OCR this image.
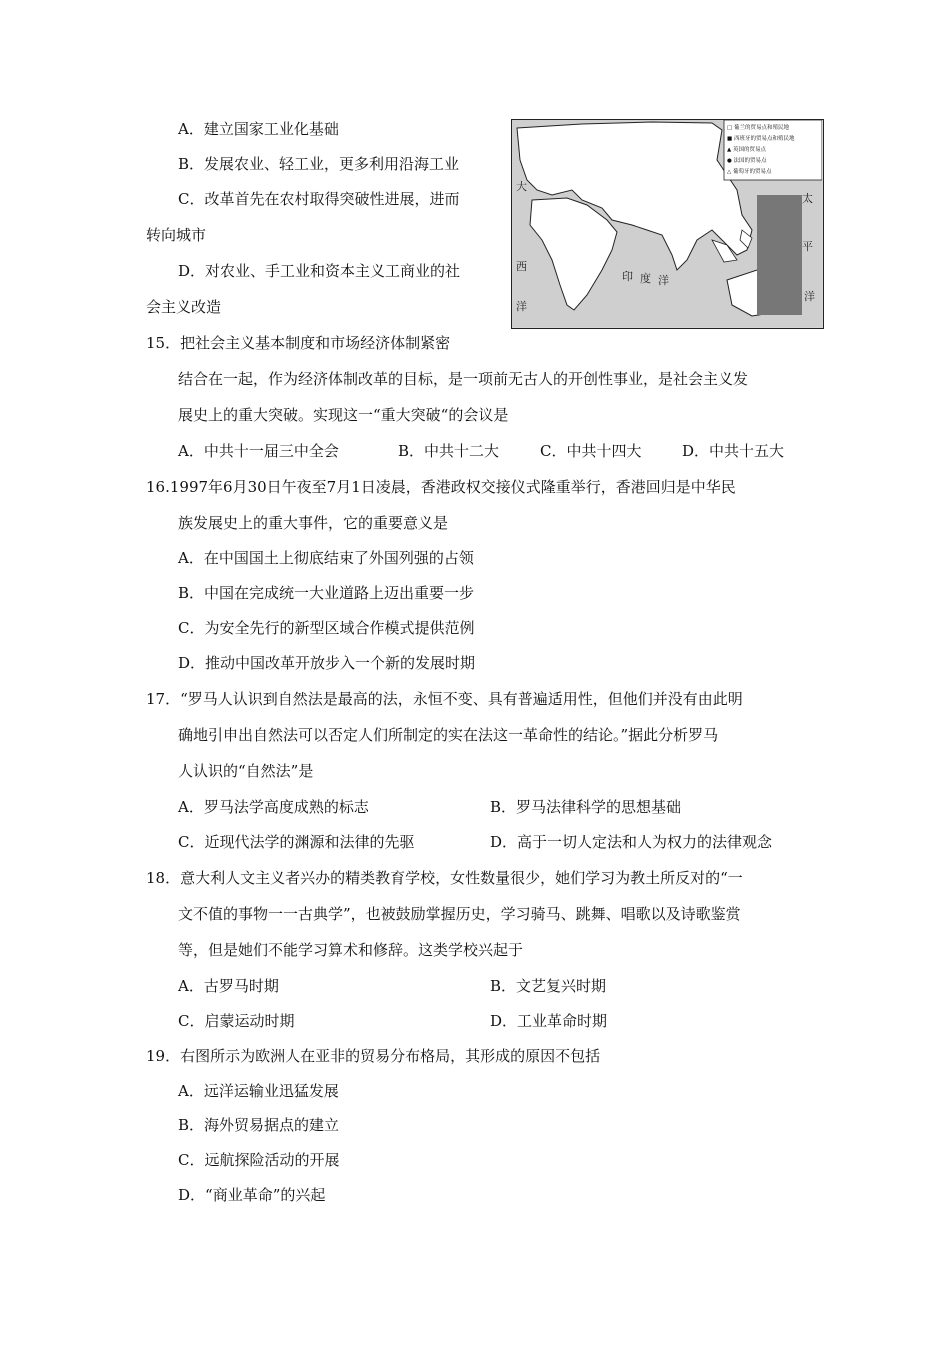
A．建立国家工业化基础
B．发展农业、轻工业，更多利用沿海工业
C．改革首先在农村取得突破性进展，进而
转向城市
D．对农业、手工业和资本主义工商业的社
会主义改造
□ 葡兰的贸易点和殖民地
■ 西班牙的贸易点和殖民地
▲ 英国的贸易点
● 法国的贸易点
△ 葡萄牙的贸易点
大
西
洋
印 度 洋
太
平
洋
15．把社会主义基本制度和市场经济体制紧密
结合在一起，作为经济体制改革的目标，是一项前无古人的开创性事业，是社会主义发
展史上的重大突破。实现这一“重大突破“的会议是
A．中共十一届三中全会	B．中共十二大	C．中共十四大	D．中共十五大
16.1997年6月30日午夜至7月1日凌晨，香港政权交接仪式隆重举行，香港回归是中华民
族发展史上的重大事件，它的重要意义是
A．在中国国土上彻底结束了外国列强的占领
B．中国在完成统一大业道路上迈出重要一步
C．为安全先行的新型区域合作模式提供范例
D．推动中国改革开放步入一个新的发展时期
17．“罗马人认识到自然法是最高的法，永恒不变、具有普遍适用性，但他们并没有由此明
确地引申出自然法可以否定人们所制定的实在法这一革命性的结论。”据此分析罗马
人认识的“自然法”是
A．罗马法学高度成熟的标志	B．罗马法律科学的思想基础
C．近现代法学的渊源和法律的先驱	D．高于一切人定法和人为权力的法律观念
18．意大利人文主义者兴办的精类教育学校，女性数量很少，她们学习为教土所反对的“一
文不值的事物一一古典学”，也被鼓励掌握历史，学习骑马、跳舞、唱歌以及诗歌鉴赏
等，但是她们不能学习算术和修辞。这类学校兴起于
A．古罗马时期	B．文艺复兴时期
C．启蒙运动时期	D．工业革命时期
19．右图所示为欧洲人在亚非的贸易分布格局，其形成的原因不包括
A．远洋运输业迅猛发展
B．海外贸易据点的建立
C．远航探险活动的开展
D．“商业革命”的兴起
